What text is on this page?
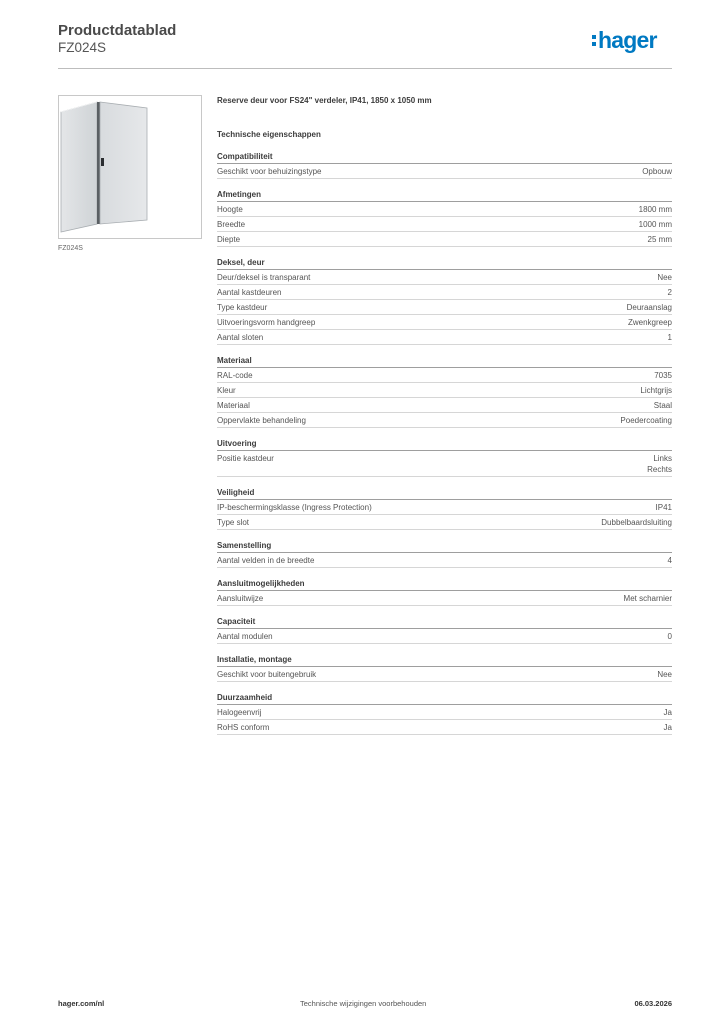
Productdatablad
FZ024S	hager
FZ024S
Reserve deur voor FS24" verdeler, IP41, 1850 x 1050 mm
Technische eigenschappen
Compatibiliteit
Geschikt voor behuizingstype	Opbouw
Afmetingen
Hoogte	1800 mm
Breedte	1000 mm
Diepte	25 mm
Deksel, deur
Deur/deksel is transparant	Nee
Aantal kastdeuren	2
Type kastdeur	Deuraanslag
Uitvoeringsvorm handgreep	Zwenkgreep
Aantal sloten	1
Materiaal
RAL-code	7035
Kleur	Lichtgrijs
Materiaal	Staal
Oppervlakte behandeling	Poedercoating
Uitvoering
Positie kastdeur	Links
Rechts
Veiligheid
IP-beschermingsklasse (Ingress Protection)	IP41
Type slot	Dubbelbaardsluiting
Samenstelling
Aantal velden in de breedte	4
Aansluitmogelijkheden
Aansluitwijze	Met scharnier
Capaciteit
Aantal modulen	0
Installatie, montage
Geschikt voor buitengebruik	Nee
Duurzaamheid
Halogeenvrij	Ja
RoHS conform	Ja
hager.com/nl	Technische wijzigingen voorbehouden	06.03.2026
